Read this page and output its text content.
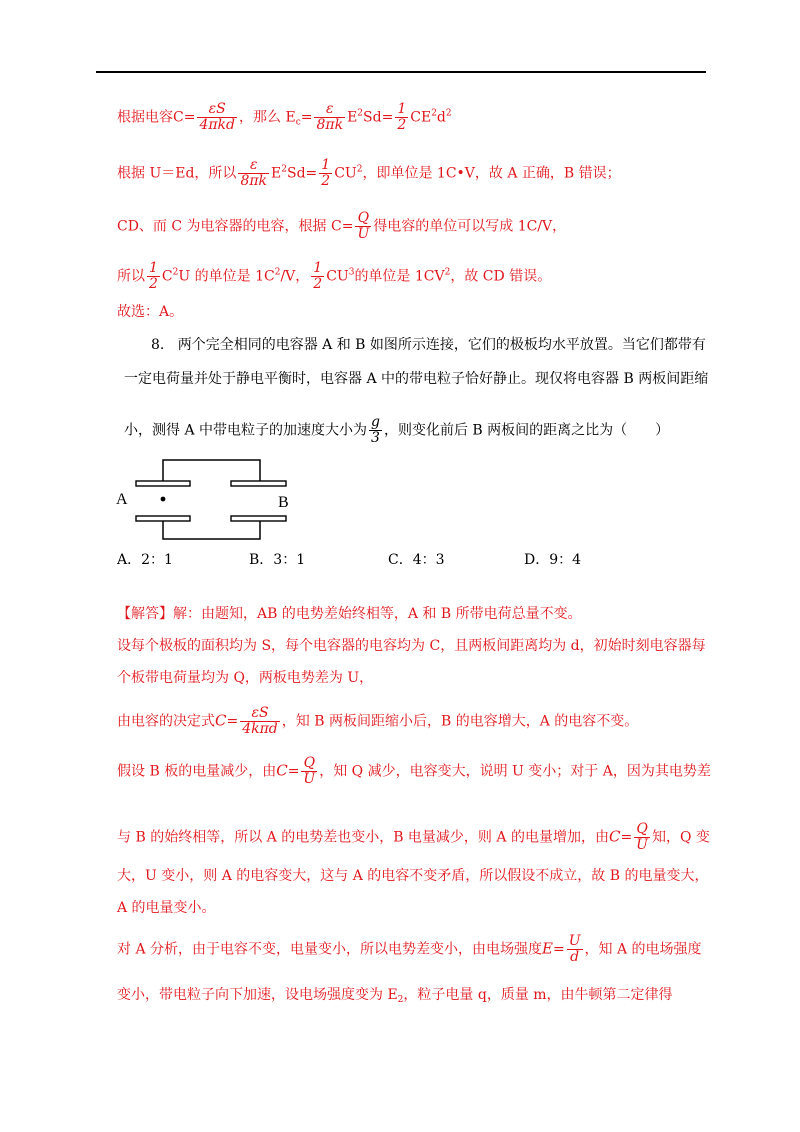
根据电容$C= \frac{\varepsilon S}{\text{4πkd}}$ ，那么 $E_c= \frac{\varepsilon}{8\pi k} E^2Sd= \frac{1}{2} CE^2d^2$
根据 U＝Ed，所以 $\frac{\varepsilon}{8\pi k} E^2Sd= \frac{1}{2} CU^2$，即单位是 1C•V，故 A 正确，B 错误；
CD、而 C 为电容器的电容，根据 $C= \frac{Q}{U}$ 得电容的单位可以写成 1C/V，
所以 $\frac{1}{2} C^2U$ 的单位是 $1C^2/V$， $\frac{1}{2} CU^3$的单位是 $1CV^2$，故 CD 错误。
故选：A。
8. 两个完全相同的电容器 A 和 B 如图所示连接，它们的极板均水平放置。当它们都带有
一定电荷量并处于静电平衡时，电容器 A 中的带电粒子恰好静止。现仅将电容器 B 两板间距缩
小，测得 A 中带电粒子的加速度大小为 $\frac{g}{3}$ ，则变化前后 B 两板间的距离之比为（　　）
A	B
A．2：1	B．3：1	C．4：3	D．9：4
【解答】解：由题知，AB 的电势差始终相等，A 和 B 所带电荷总量不变。
设每个极板的面积均为 S，每个电容器的电容均为 C，且两板间距离均为 d，初始时刻电容器每
个板带电荷量均为 Q，两板电势差为 U，
由电容的决定式$C= \frac{\varepsilon S}{\text{4kπd}}$ ，知 B 两板间距缩小后，B 的电容增大，A 的电容不变。
假设 B 板的电量减少，由$C= \frac{Q}{U}$ ，知 Q 减少，电容变大，说明 U 变小；对于 A，因为其电势差
与 B 的始终相等，所以 A 的电势差也变小，B 电量减少，则 A 的电量增加，由$C= \frac{Q}{U}$ 知，Q 变
大，U 变小，则 A 的电容变大，这与 A 的电容不变矛盾，所以假设不成立，故 B 的电量变大，
A 的电量变小。
对 A 分析，由于电容不变，电量变小，所以电势差变小，由电场强度$E= \frac{U}{d}$ ，知 A 的电场强度
变小，带电粒子向下加速，设电场强度变为 $E_2$，粒子电量 q，质量 m，由牛顿第二定律得
